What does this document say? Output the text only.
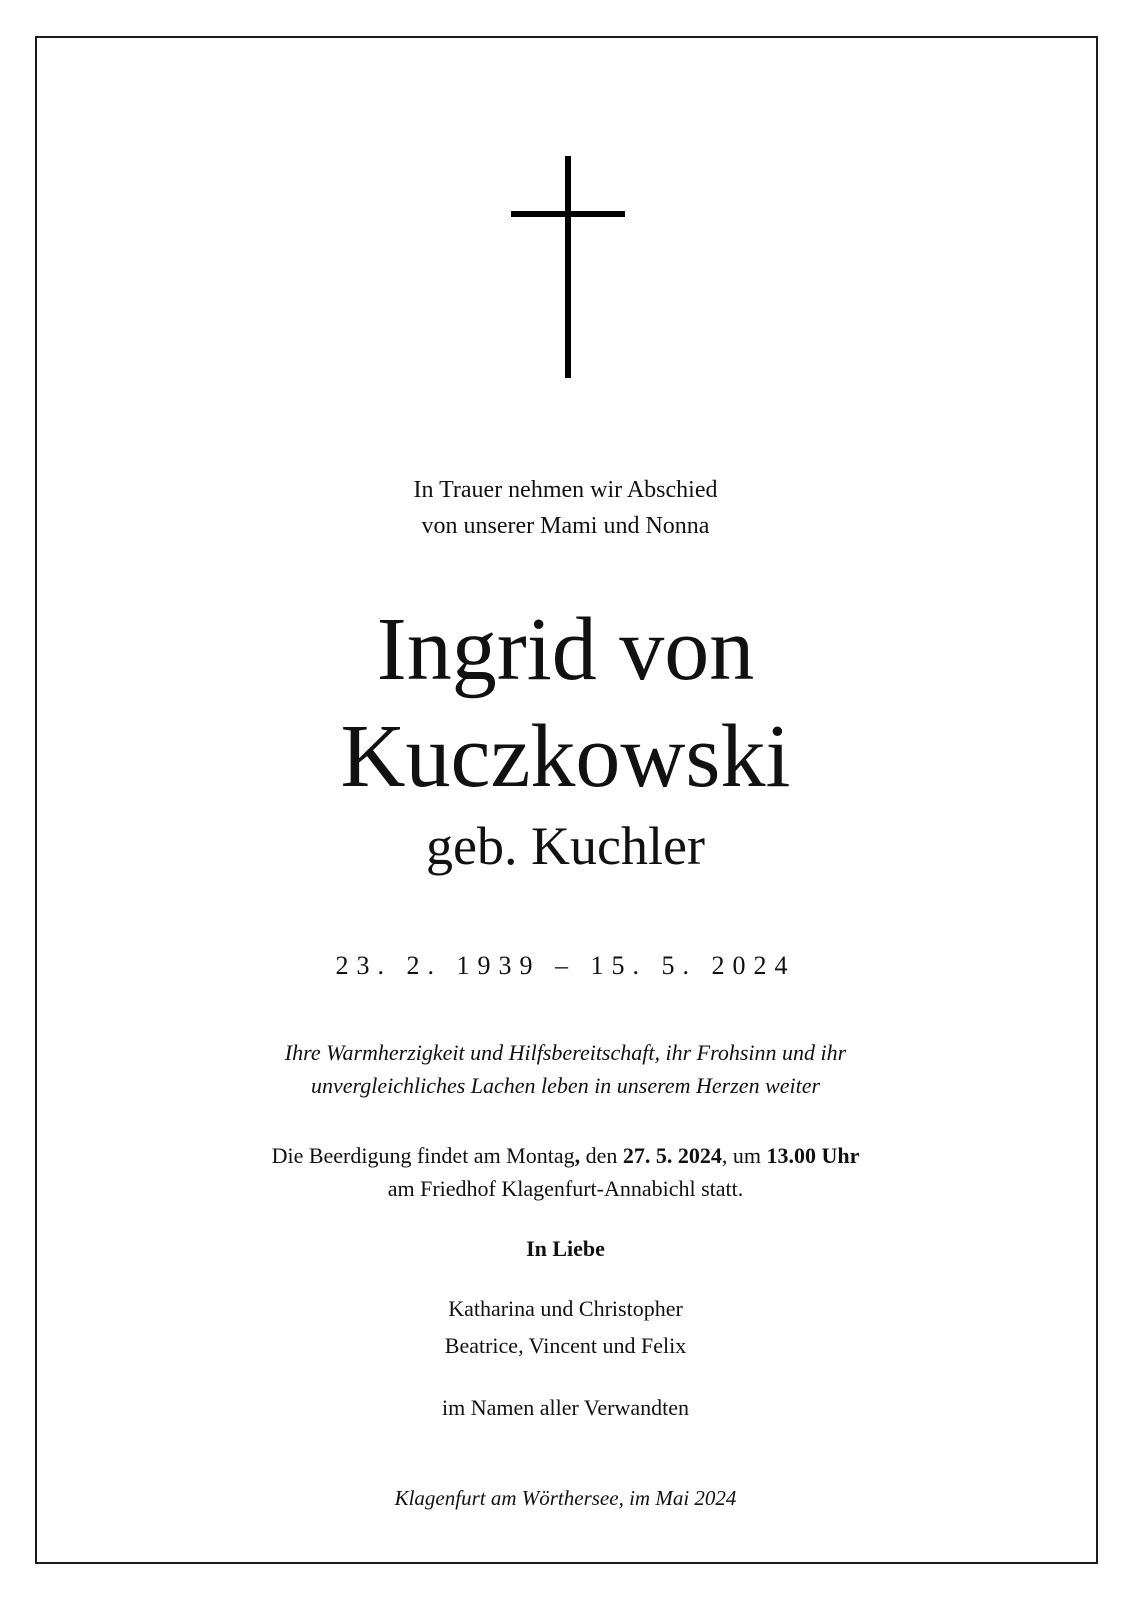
In Trauer nehmen wir Abschied
von unserer Mami und Nonna
Ingrid von
Kuczkowski
geb. Kuchler
23. 2. 1939 – 15. 5. 2024
Ihre Warmherzigkeit und Hilfsbereitschaft, ihr Frohsinn und ihr
unvergleichliches Lachen leben in unserem Herzen weiter
Die Beerdigung findet am Montag, den 27. 5. 2024, um 13.00 Uhr
am Friedhof Klagenfurt-Annabichl statt.
In Liebe
Katharina und Christopher
Beatrice, Vincent und Felix
im Namen aller Verwandten
Klagenfurt am Wörthersee, im Mai 2024
